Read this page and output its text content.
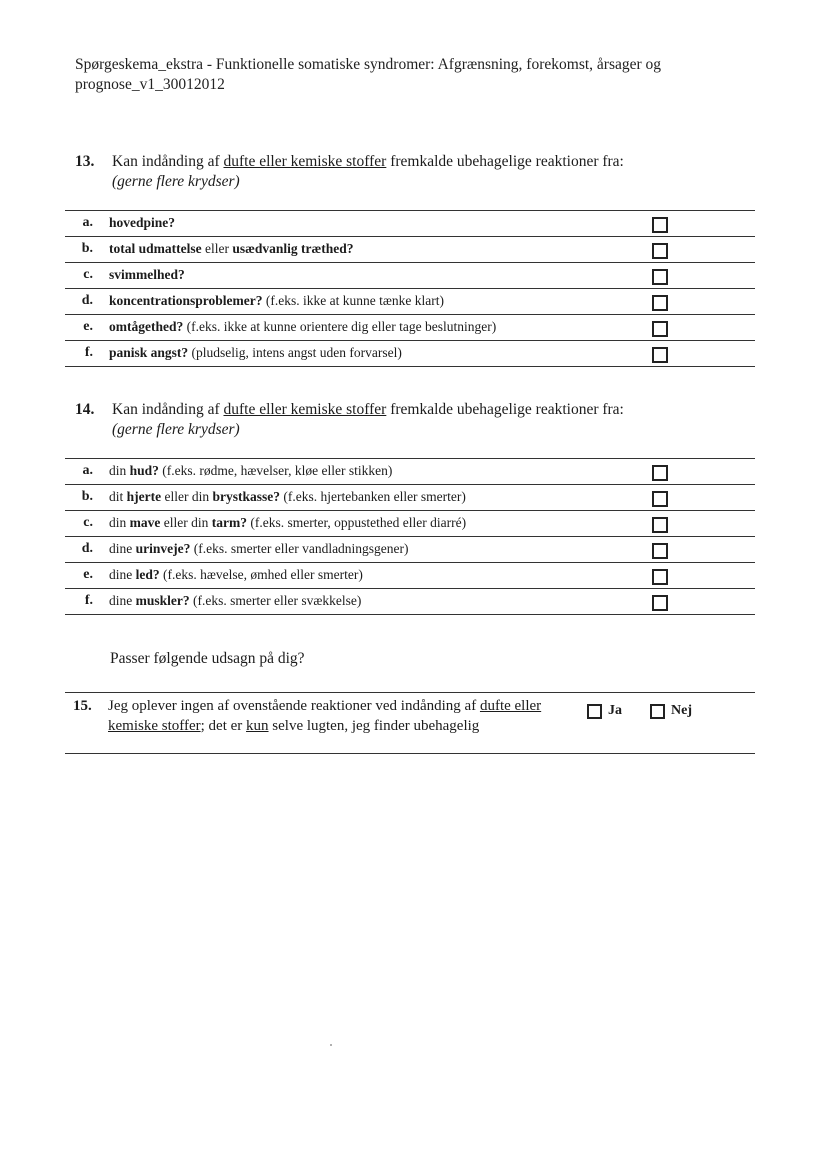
Spørgeskema_ekstra - Funktionelle somatiske syndromer: Afgrænsning, forekomst, årsager og
prognose_v1_30012012
13. Kan indånding af dufte eller kemiske stoffer fremkalde ubehagelige reaktioner fra:
(gerne flere krydser)
a. hovedpine?
b. total udmattelse eller usædvanlig træthed?
c. svimmelhed?
d. koncentrationsproblemer? (f.eks. ikke at kunne tænke klart)
e. omtågethed? (f.eks. ikke at kunne orientere dig eller tage beslutninger)
f. panisk angst? (pludselig, intens angst uden forvarsel)
14. Kan indånding af dufte eller kemiske stoffer fremkalde ubehagelige reaktioner fra:
(gerne flere krydser)
a. din hud? (f.eks. rødme, hævelser, kløe eller stikken)
b. dit hjerte eller din brystkasse? (f.eks. hjertebanken eller smerter)
c. din mave eller din tarm? (f.eks. smerter, oppustethed eller diarré)
d. dine urinveje? (f.eks. smerter eller vandladningsgener)
e. dine led? (f.eks. hævelse, ømhed eller smerter)
f. dine muskler? (f.eks. smerter eller svækkelse)
Passer følgende udsagn på dig?
15. Jeg oplever ingen af ovenstående reaktioner ved indånding af dufte eller kemiske stoffer; det er kun selve lugten, jeg finder ubehagelig
Ja	Nej
